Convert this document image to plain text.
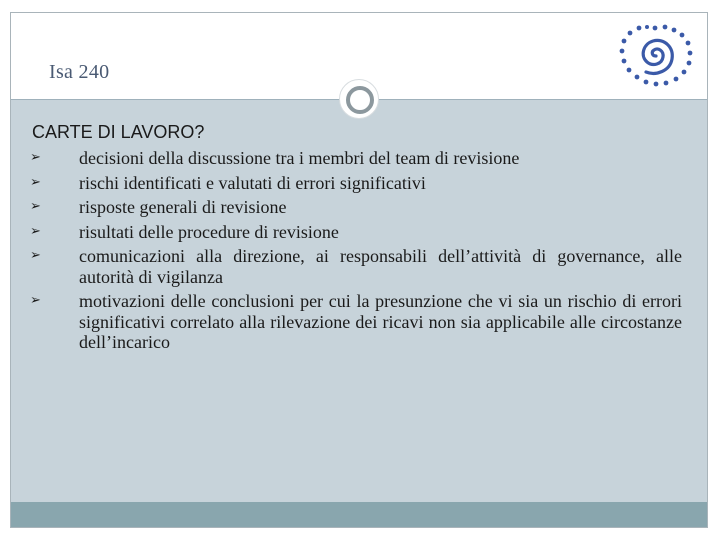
Isa 240
CARTE DI LAVORO?
➢ decisioni della discussione tra i membri del team di revisione
➢ rischi identificati e valutati di errori significativi
➢ risposte generali di revisione
➢ risultati delle procedure di revisione
➢ comunicazioni alla direzione, ai responsabili dell’attività di governance, alle autorità di vigilanza
➢ motivazioni delle conclusioni per cui la presunzione che vi sia un rischio di errori significativi correlato alla rilevazione dei ricavi non sia applicabile alle circostanze dell’incarico
